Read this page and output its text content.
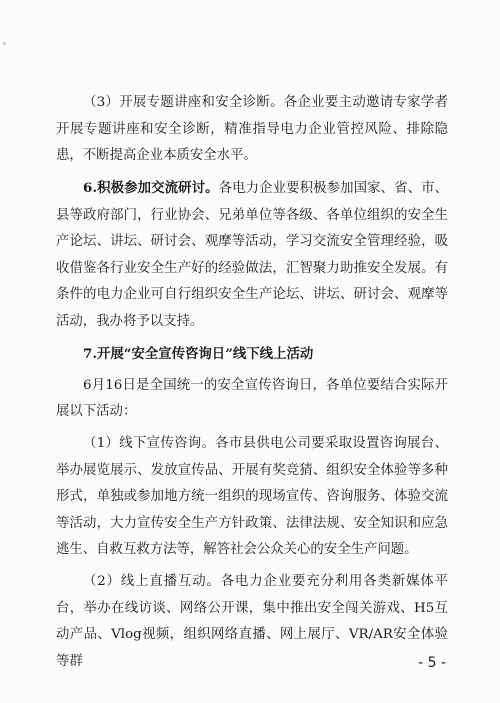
（3）开展专题讲座和安全诊断。各企业要主动邀请专家学者开展专题讲座和安全诊断，精准指导电力企业管控风险、排除隐患，不断提高企业本质安全水平。

6.积极参加交流研讨。各电力企业要积极参加国家、省、市、县等政府部门，行业协会、兄弟单位等各级、各单位组织的安全生产论坛、讲坛、研讨会、观摩等活动，学习交流安全管理经验，吸收借鉴各行业安全生产好的经验做法，汇智聚力助推安全发展。有条件的电力企业可自行组织安全生产论坛、讲坛、研讨会、观摩等活动，我办将予以支持。

7.开展“安全宣传咨询日”线下线上活动

6月16日是全国统一的安全宣传咨询日，各单位要结合实际开展以下活动：

（1）线下宣传咨询。各市县供电公司要采取设置咨询展台、举办展览展示、发放宣传品、开展有奖竞猜、组织安全体验等多种形式，单独或参加地方统一组织的现场宣传、咨询服务、体验交流等活动，大力宣传安全生产方针政策、法律法规、安全知识和应急逃生、自救互救方法等，解答社会公众关心的安全生产问题。

（2）线上直播互动。各电力企业要充分利用各类新媒体平台，举办在线访谈、网络公开课，集中推出安全闯关游戏、H5互动产品、Vlog视频，组织网络直播、网上展厅、VR/AR安全体验等群	- 5 -
